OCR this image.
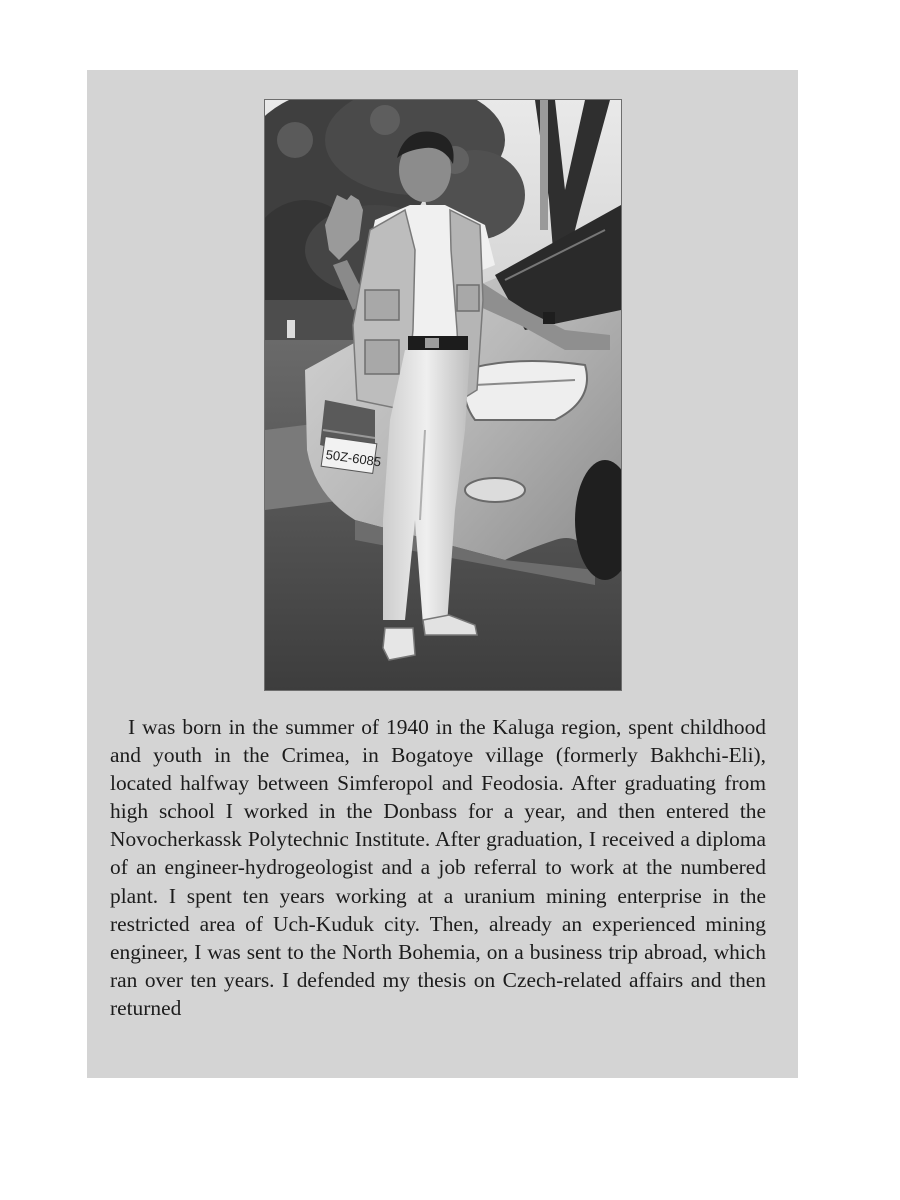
50Z-6085

I was born in the summer of 1940 in the Kaluga region, spent childhood and youth in the Crimea, in Bogatoye village (formerly Bakhchi-Eli), located halfway between Simferopol and Feodosia. After graduating from high school I worked in the Donbass for a year, and then entered the Novocherkassk Polytechnic Institute. After graduation, I received a diploma of an engineer-hydrogeologist and a job referral to work at the numbered plant. I spent ten years working at a uranium mining enterprise in the restricted area of Uch-Kuduk city. Then, already an experienced mining engineer, I was sent to the North Bohemia, on a business trip abroad, which ran over ten years. I defended my thesis on Czech-related affairs and then returned
